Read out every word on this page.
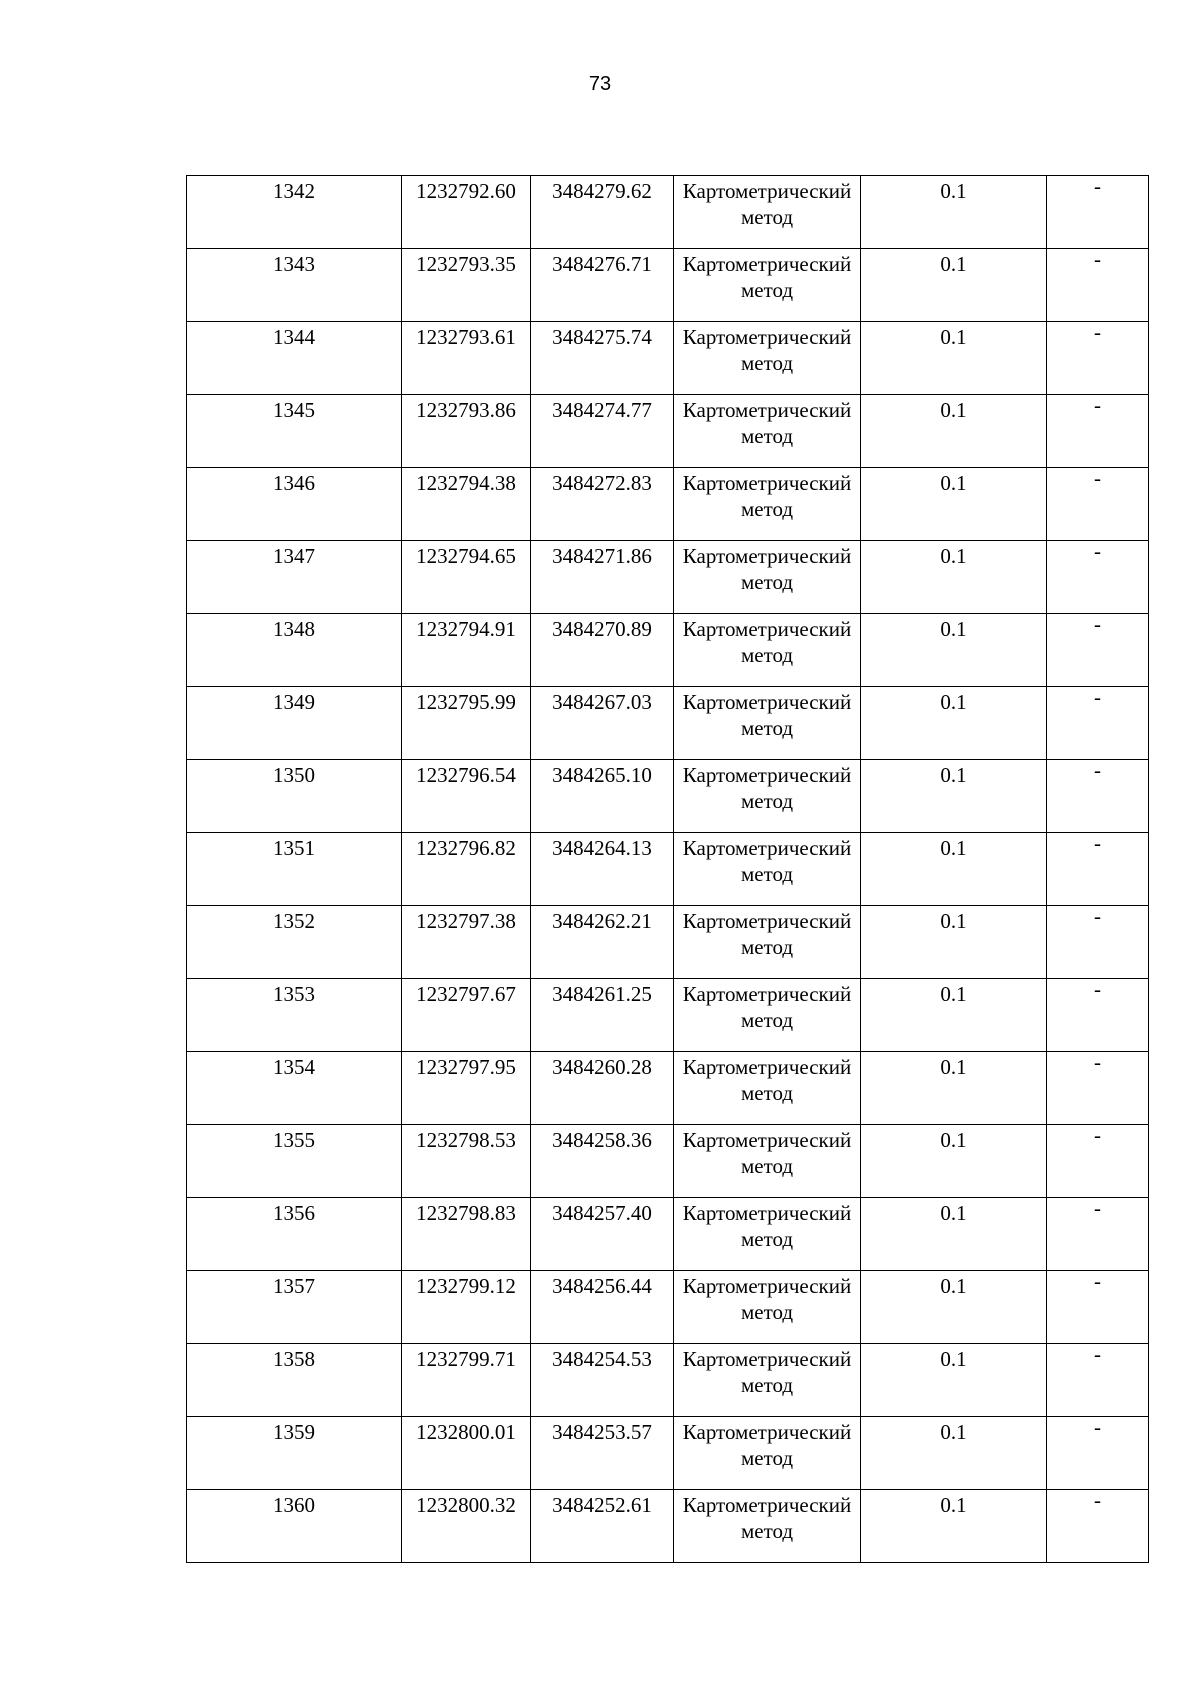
73
1342	1232792.60	3484279.62	Картометрический метод	0.1	-

1343	1232793.35	3484276.71	Картометрический метод	0.1	-

1344	1232793.61	3484275.74	Картометрический метод	0.1	-

1345	1232793.86	3484274.77	Картометрический метод	0.1	-

1346	1232794.38	3484272.83	Картометрический метод	0.1	-

1347	1232794.65	3484271.86	Картометрический метод	0.1	-

1348	1232794.91	3484270.89	Картометрический метод	0.1	-

1349	1232795.99	3484267.03	Картометрический метод	0.1	-

1350	1232796.54	3484265.10	Картометрический метод	0.1	-

1351	1232796.82	3484264.13	Картометрический метод	0.1	-

1352	1232797.38	3484262.21	Картометрический метод	0.1	-

1353	1232797.67	3484261.25	Картометрический метод	0.1	-

1354	1232797.95	3484260.28	Картометрический метод	0.1	-

1355	1232798.53	3484258.36	Картометрический метод	0.1	-

1356	1232798.83	3484257.40	Картометрический метод	0.1	-

1357	1232799.12	3484256.44	Картометрический метод	0.1	-

1358	1232799.71	3484254.53	Картометрический метод	0.1	-

1359	1232800.01	3484253.57	Картометрический метод	0.1	-

1360	1232800.32	3484252.61	Картометрический метод	0.1	-
